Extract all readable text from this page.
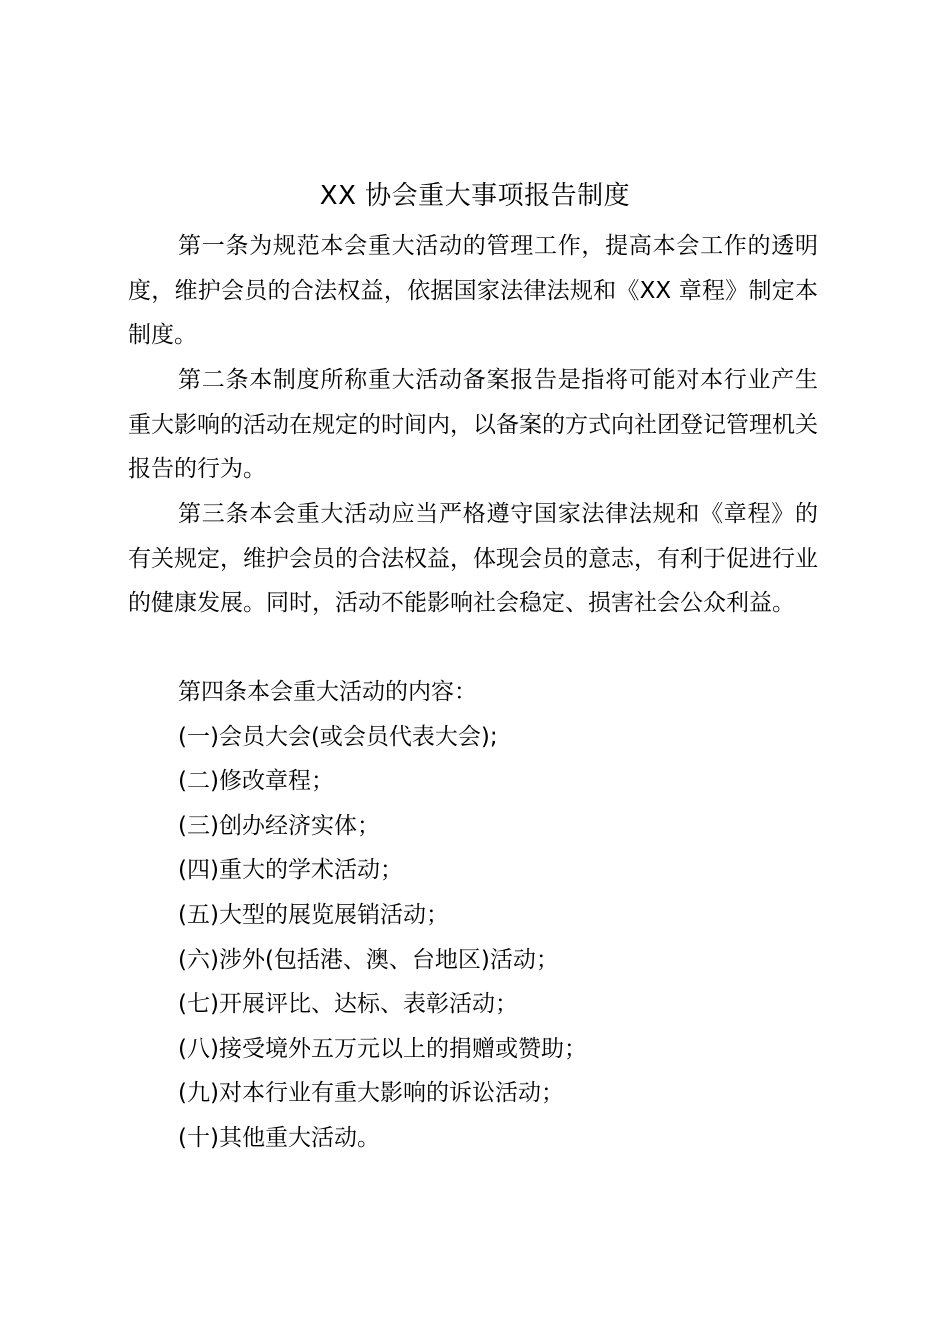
XX 协会重大事项报告制度

第一条为规范本会重大活动的管理工作，提高本会工作的透明度，维护会员的合法权益，依据国家法律法规和《XX 章程》制定本制度。

第二条本制度所称重大活动备案报告是指将可能对本行业产生重大影响的活动在规定的时间内，以备案的方式向社团登记管理机关报告的行为。

第三条本会重大活动应当严格遵守国家法律法规和《章程》的有关规定，维护会员的合法权益，体现会员的意志，有利于促进行业的健康发展。同时，活动不能影响社会稳定、损害社会公众利益。

第四条本会重大活动的内容：
(一)会员大会(或会员代表大会);
(二)修改章程；
(三)创办经济实体；
(四)重大的学术活动；
(五)大型的展览展销活动；
(六)涉外(包括港、澳、台地区)活动；
(七)开展评比、达标、表彰活动；
(八)接受境外五万元以上的捐赠或赞助；
(九)对本行业有重大影响的诉讼活动；
(十)其他重大活动。
